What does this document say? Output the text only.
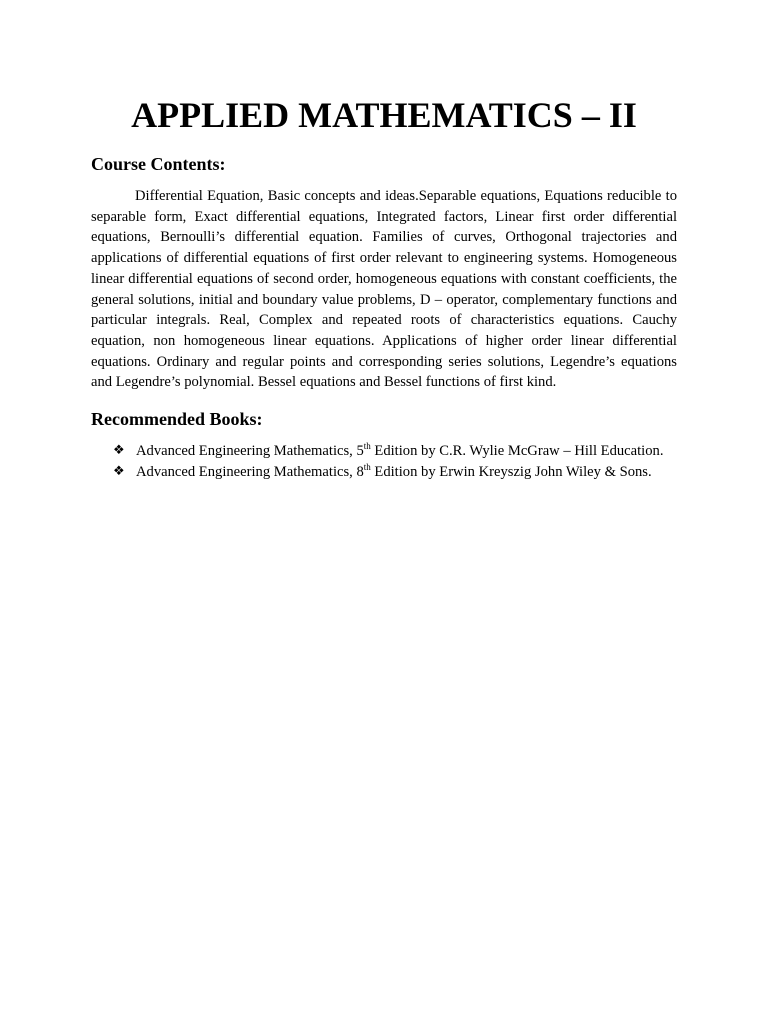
APPLIED MATHEMATICS – II
Course Contents:

Differential Equation, Basic concepts and ideas.Separable equations, Equations reducible to separable form, Exact differential equations, Integrated factors, Linear first order differential equations, Bernoulli’s differential equation. Families of curves, Orthogonal trajectories and applications of differential equations of first order relevant to engineering systems. Homogeneous linear differential equations of second order, homogeneous equations with constant coefficients, the general solutions, initial and boundary value problems, D – operator, complementary functions and particular integrals. Real, Complex and repeated roots of characteristics equations. Cauchy equation, non homogeneous linear equations. Applications of higher order linear differential equations. Ordinary and regular points and corresponding series solutions, Legendre’s equations and Legendre’s polynomial. Bessel equations and Bessel functions of first kind.

Recommended Books:
❖ Advanced Engineering Mathematics, 5th Edition by C.R. Wylie McGraw – Hill Education.
❖ Advanced Engineering Mathematics, 8th Edition by Erwin Kreyszig John Wiley & Sons.
